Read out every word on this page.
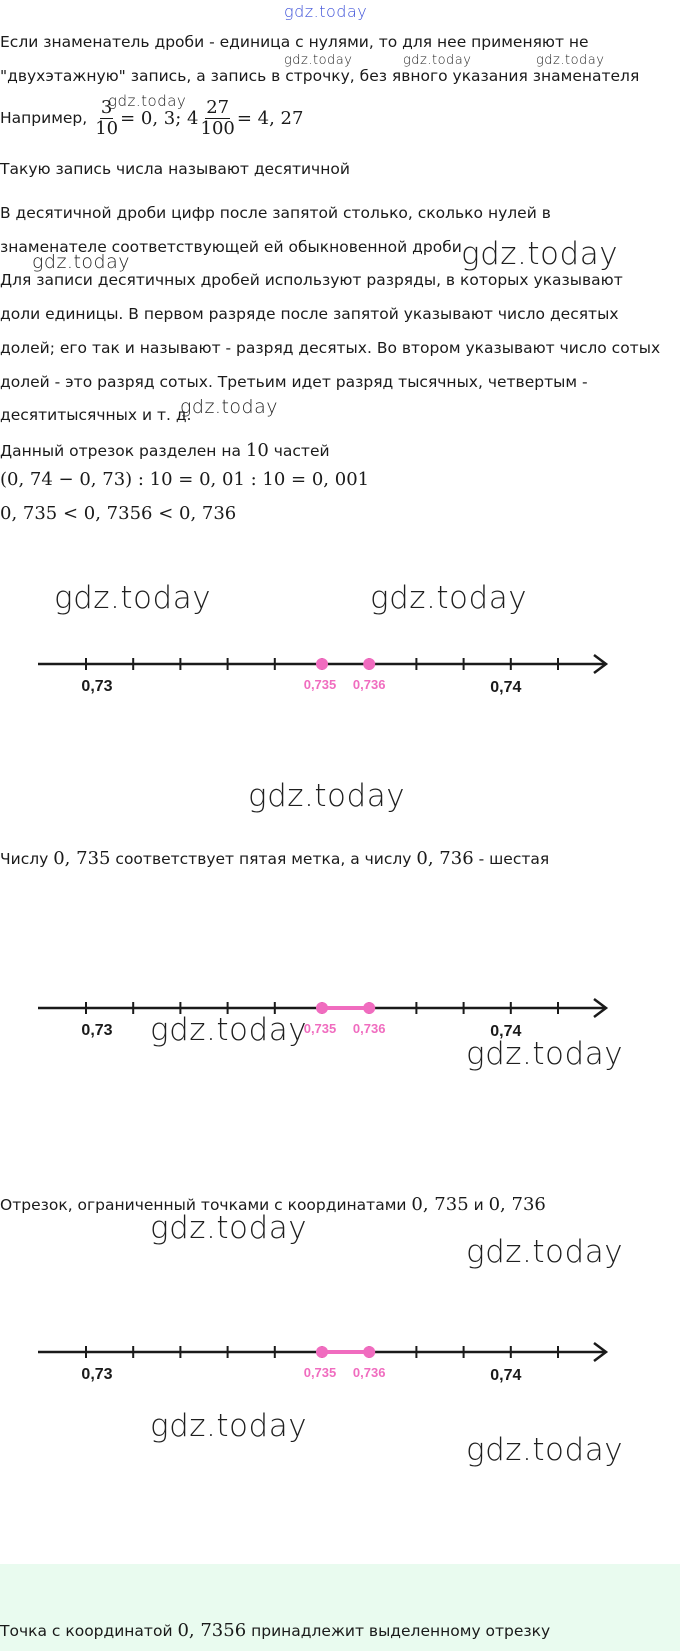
gdz.today
Если знаменатель дроби - единица с нулями, то для нее применяют не
gdz.today	gdz.today	gdz.today
"двухэтажную" запись, а запись в строчку, без явного указания знаменателя
Например, $\frac{3}{10} = 0$, 3; $4 \frac{27}{100} = 4$, 27
gdz.today
Такую запись числа называют десятичной
В десятичной дроби цифр после запятой столько, сколько нулей в
знаменателе соответствующей ей обыкновенной дроби gdz.today
gdz.today
Для записи десятичных дробей используют разряды, в которых указывают
доли единицы. В первом разряде после запятой указывают число десятых
долей; его так и называют - разряд десятых. Во втором указывают число сотых
долей - это разряд сотых. Третьим идет разряд тысячных, четвертым -
десятитысячных и т. д.
gdz.today
Данный отрезок разделен на 10 частей
(0, 74 − 0, 73) : 10 = 0, 01 : 10 = 0, 001
0, 735 < 0, 7356 < 0, 736
gdz.today	gdz.today
0,73	0,74
0,735 0,736
gdz.today
Числу 0, 735 соответствует пятая метка, а числу 0, 736 - шестая
0,73	0,74
0,735 0,736
gdz.today
gdz.today
Отрезок, ограниченный точками с координатами 0, 735 и 0, 736
gdz.today
gdz.today
0,73	0,74
0,735 0,736
gdz.today
gdz.today
Точка с координатой 0, 7356 принадлежит выделенному отрезку
